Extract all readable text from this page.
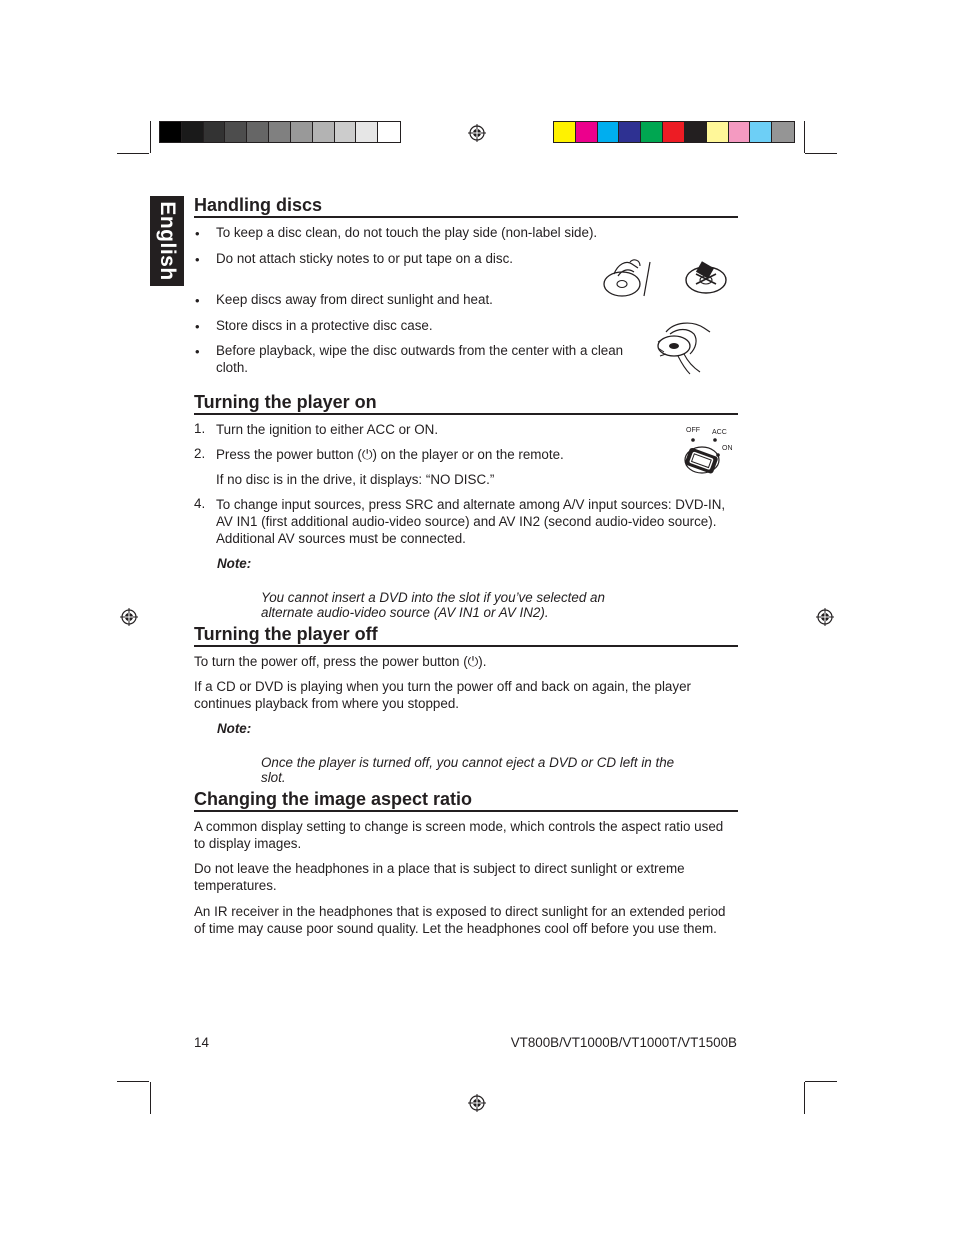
English Handling discs
• To keep a disc clean, do not touch the play side (non-label side).

• Do not attach sticky notes to or put tape on a disc.

• Keep discs away from direct sunlight and heat.

• Store discs in a protective disc case.

• Before playback, wipe the disc outwards from the center with a clean cloth.

Turning the player on
1. Turn the ignition to either ACC or ON.

2. Press the power button (⏻) on the player or on the remote.

If no disc is in the drive, it displays: “NO DISC.”

4. To change input sources, press SRC and alternate among A/V input sources: DVD-IN, AV IN1 (first additional audio-video source) and AV IN2 (second audio-video source). Additional AV sources must be connected.

Note:

You cannot insert a DVD into the slot if you’ve selected an alternate audio-video source (AV IN1 or AV IN2).

OFF ACC
ON
Turning the player off

To turn the power off, press the power button (⏻).

If a CD or DVD is playing when you turn the power off and back on again, the player continues playback from where you stopped.

Note:

Once the player is turned off, you cannot eject a DVD or CD left in the slot.

Changing the image aspect ratio

A common display setting to change is screen mode, which controls the aspect ratio used to display images.

Do not leave the headphones in a place that is subject to direct sunlight or extreme temperatures.

An IR receiver in the headphones that is exposed to direct sunlight for an extended period of time may cause poor sound quality. Let the headphones cool off before you use them.

14	VT800B/VT1000B/VT1000T/VT1500B
